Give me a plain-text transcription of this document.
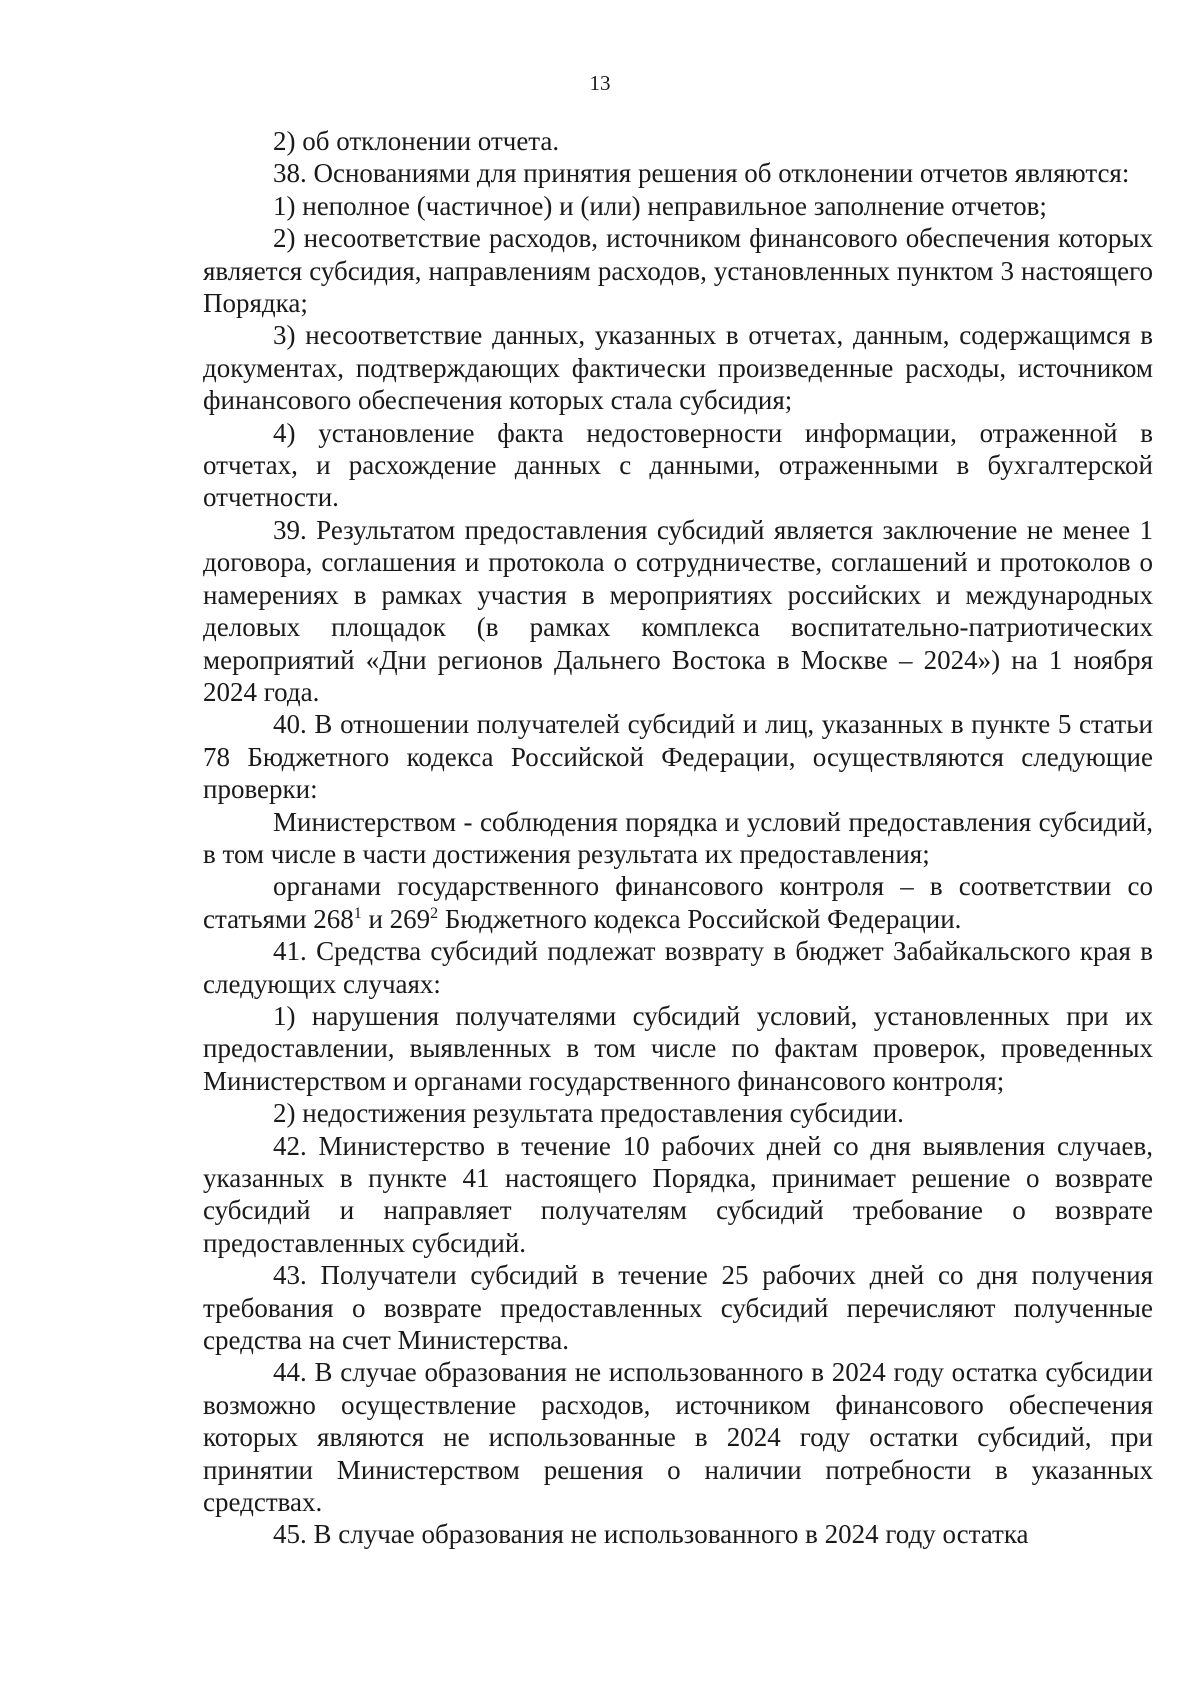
13

2) об отклонении отчета.

38. Основаниями для принятия решения об отклонении отчетов являются:

1) неполное (частичное) и (или) неправильное заполнение отчетов;

2) несоответствие расходов, источником финансового обеспечения которых является субсидия, направлениям расходов, установленных пунктом 3 настоящего Порядка;

3) несоответствие данных, указанных в отчетах, данным, содержащимся в документах, подтверждающих фактически произведенные расходы, источником финансового обеспечения которых стала субсидия;

4) установление факта недостоверности информации, отраженной в отчетах, и расхождение данных с данными, отраженными в бухгалтерской отчетности.

39. Результатом предоставления субсидий является заключение не менее 1 договора, соглашения и протокола о сотрудничестве, соглашений и протоколов о намерениях в рамках участия в мероприятиях российских и международных деловых площадок (в рамках комплекса воспитательно-патриотических мероприятий «Дни регионов Дальнего Востока в Москве – 2024») на 1 ноября 2024 года.

40. В отношении получателей субсидий и лиц, указанных в пункте 5 статьи 78 Бюджетного кодекса Российской Федерации, осуществляются следующие проверки:

Министерством - соблюдения порядка и условий предоставления субсидий, в том числе в части достижения результата их предоставления;

органами государственного финансового контроля – в соответствии со статьями $268^1$ и $269^2$ Бюджетного кодекса Российской Федерации.

41. Средства субсидий подлежат возврату в бюджет Забайкальского края в следующих случаях:

1) нарушения получателями субсидий условий, установленных при их предоставлении, выявленных в том числе по фактам проверок, проведенных Министерством и органами государственного финансового контроля;

2) недостижения результата предоставления субсидии.

42. Министерство в течение 10 рабочих дней со дня выявления случаев, указанных в пункте 41 настоящего Порядка, принимает решение о возврате субсидий и направляет получателям субсидий требование о возврате предоставленных субсидий.

43. Получатели субсидий в течение 25 рабочих дней со дня получения требования о возврате предоставленных субсидий перечисляют полученные средства на счет Министерства.

44. В случае образования не использованного в 2024 году остатка субсидии возможно осуществление расходов, источником финансового обеспечения которых являются не использованные в 2024 году остатки субсидий, при принятии Министерством решения о наличии потребности в указанных средствах.

45. В случае образования не использованного в 2024 году остатка
